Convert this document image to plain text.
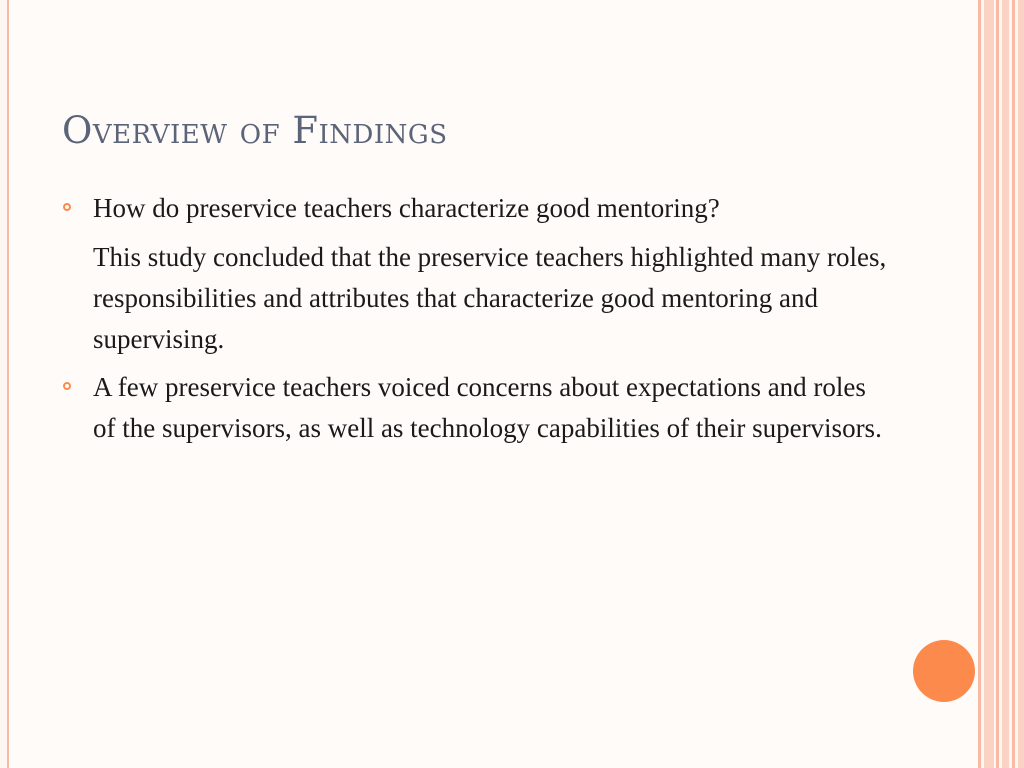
Overview of Findings
How do preservice teachers characterize good mentoring?
This study concluded that the preservice teachers highlighted many roles, responsibilities and attributes that characterize good mentoring and supervising.
A few preservice teachers voiced concerns about expectations and roles of the supervisors, as well as technology capabilities of their supervisors.
